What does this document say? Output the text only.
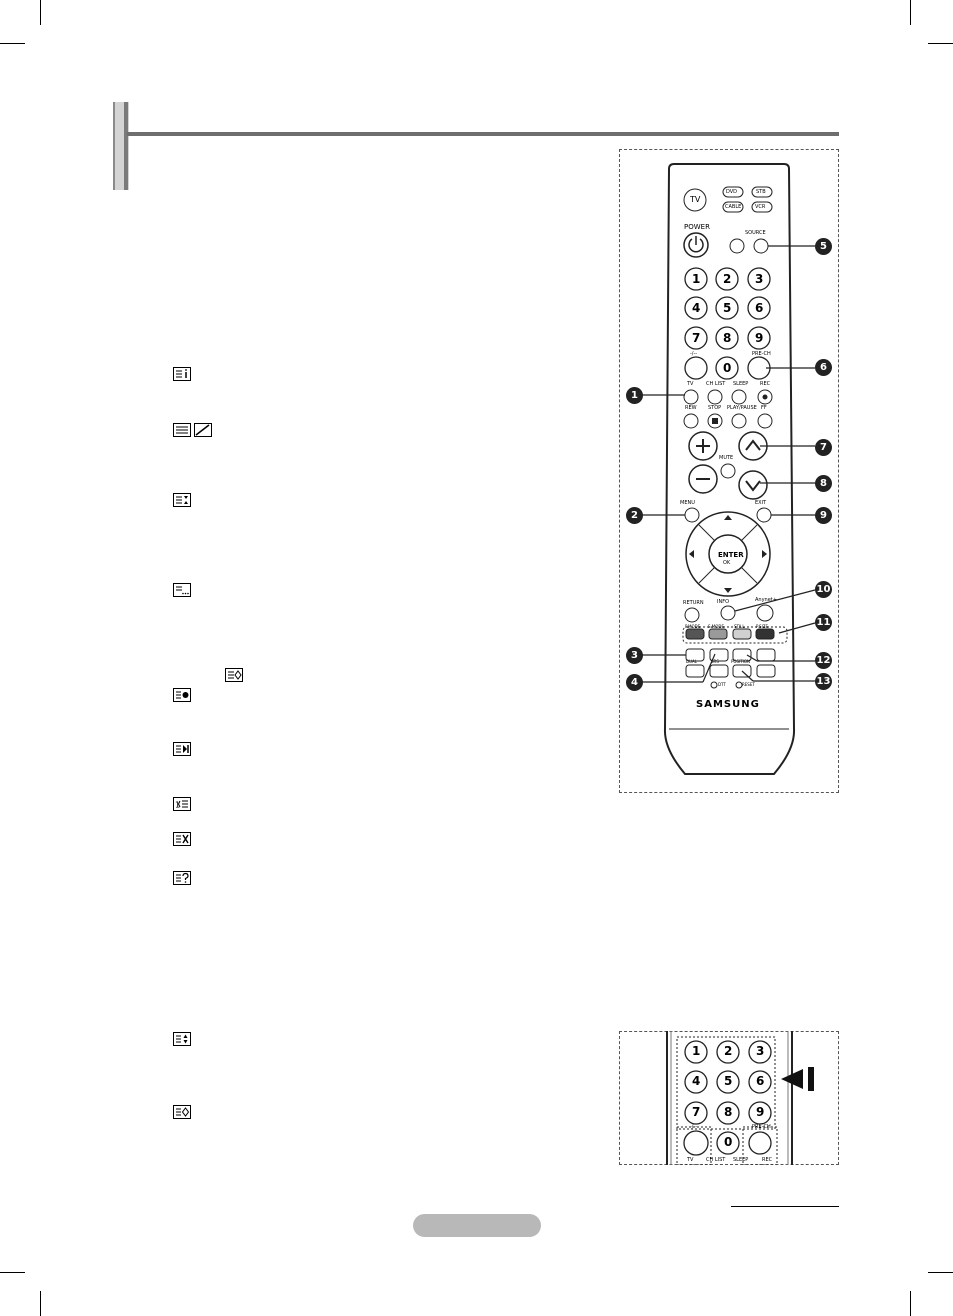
1
TV
DVD	STB
CABLE	VCR
POWER
SOURCE
1 2 3
4 5 6
7 8 9
0
-/--	PRE-CH
TV	CH LIST SLEEP REC
REW STOP PLAY/PAUSE FF
MUTE
MENU	EXIT
ENTER
OK
RETURN	INFO	Anynet+
P.MODE S.MODE STILL	P.SIZE
DUAL	SRS	POSITION
DTT	RESET
SAMSUNG
1
2
3
4
5
6
7
8
9
10
11
12
13
1 2 3
4 5 6
7 8 9
0
-/--	PRE-CH
TV	CH LIST SLEEP	REC
